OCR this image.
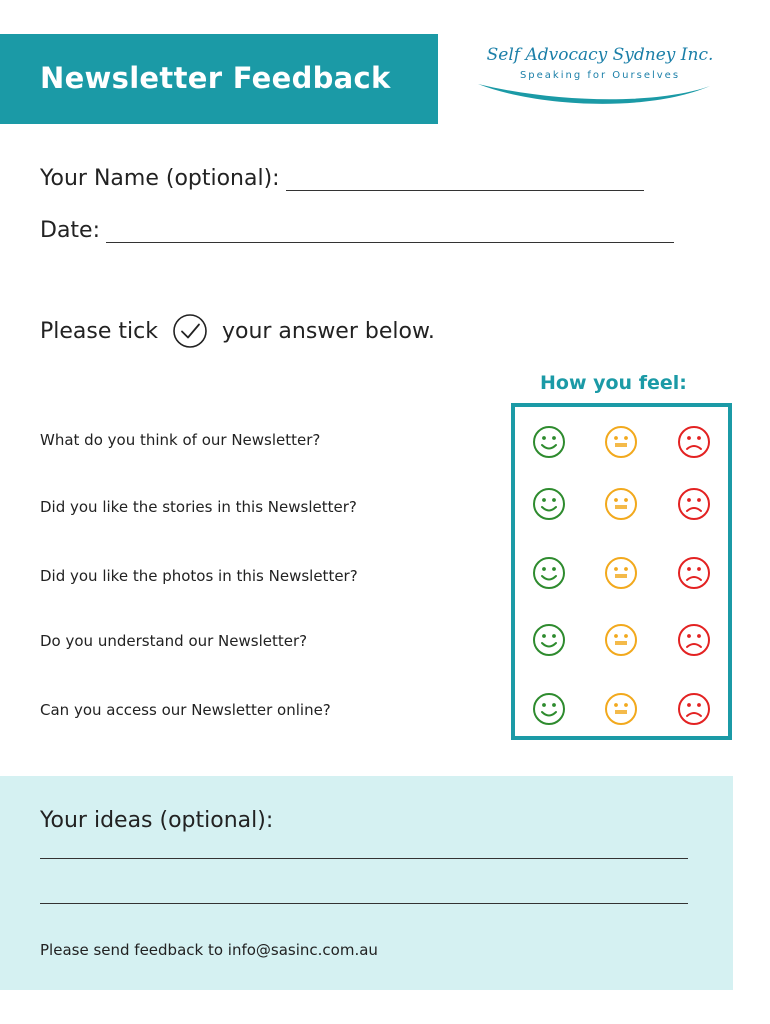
Newsletter Feedback
Self Advocacy Sydney Inc.
Speaking for Ourselves
Your Name (optional):
Date:
Please tick	your answer below.
How you feel:
What do you think of our Newsletter?
Did you like the stories in this Newsletter?
Did you like the photos in this Newsletter?
Do you understand our Newsletter?
Can you access our Newsletter online?
Your ideas (optional):
Please send feedback to info@sasinc.com.au
